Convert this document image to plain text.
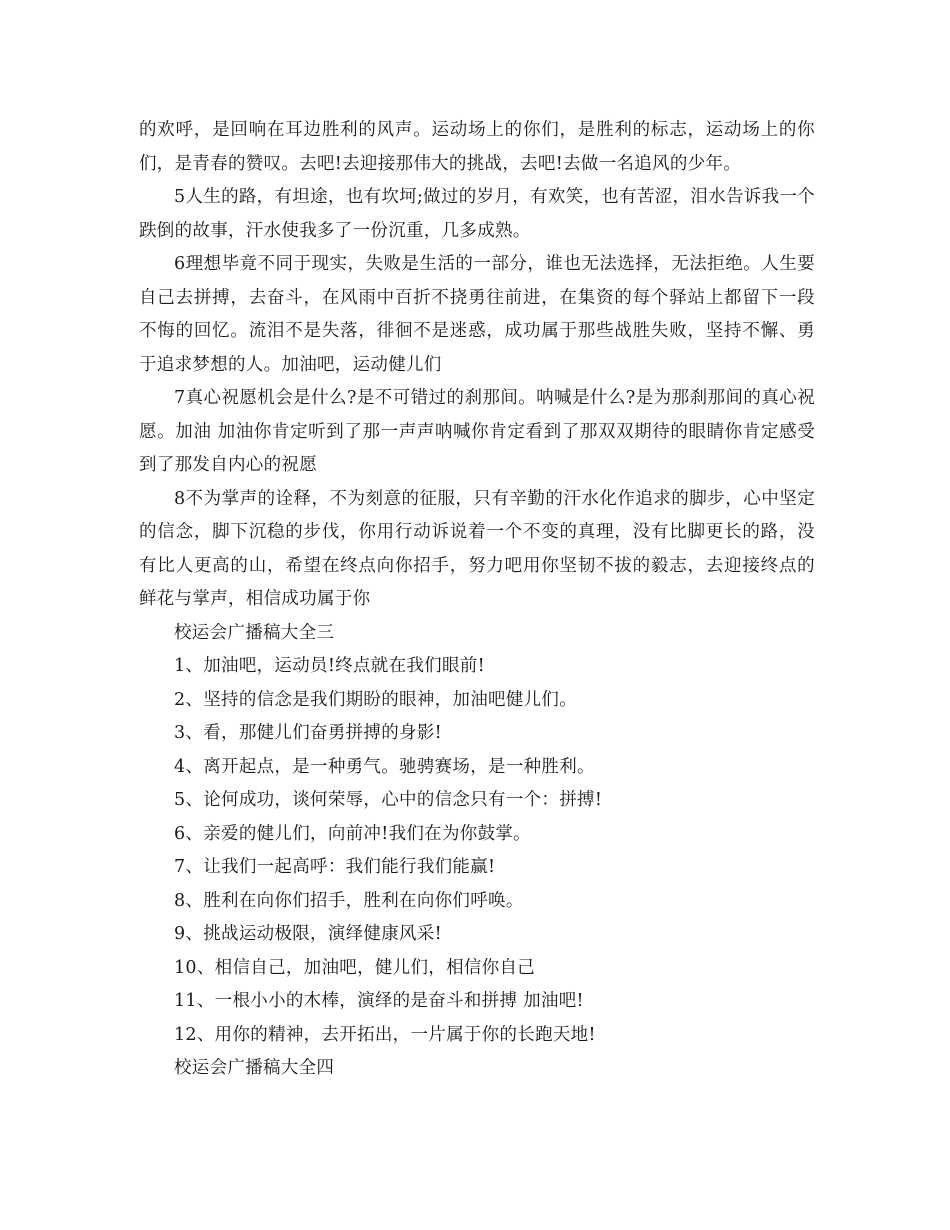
的欢呼，是回响在耳边胜利的风声。运动场上的你们，是胜利的标志，运动场上的你们，是青春的赞叹。去吧!去迎接那伟大的挑战，去吧!去做一名追风的少年。

5人生的路，有坦途，也有坎坷;做过的岁月，有欢笑，也有苦涩，泪水告诉我一个跌倒的故事，汗水使我多了一份沉重，几多成熟。

6理想毕竟不同于现实，失败是生活的一部分，谁也无法选择，无法拒绝。人生要自己去拼搏，去奋斗，在风雨中百折不挠勇往前进，在集资的每个驿站上都留下一段不悔的回忆。流泪不是失落，徘徊不是迷惑，成功属于那些战胜失败，坚持不懈、勇于追求梦想的人。加油吧，运动健儿们

7真心祝愿机会是什么?是不可错过的刹那间。呐喊是什么?是为那刹那间的真心祝愿。加油 加油你肯定听到了那一声声呐喊你肯定看到了那双双期待的眼睛你肯定感受到了那发自内心的祝愿

8不为掌声的诠释，不为刻意的征服，只有辛勤的汗水化作追求的脚步，心中坚定的信念，脚下沉稳的步伐，你用行动诉说着一个不变的真理，没有比脚更长的路，没有比人更高的山，希望在终点向你招手，努力吧用你坚韧不拔的毅志，去迎接终点的鲜花与掌声，相信成功属于你

校运会广播稿大全三
1、加油吧，运动员!终点就在我们眼前!
2、坚持的信念是我们期盼的眼神，加油吧健儿们。
3、看，那健儿们奋勇拼搏的身影!
4、离开起点，是一种勇气。驰骋赛场，是一种胜利。
5、论何成功，谈何荣辱，心中的信念只有一个：拼搏!
6、亲爱的健儿们，向前冲!我们在为你鼓掌。
7、让我们一起高呼：我们能行我们能赢!
8、胜利在向你们招手，胜利在向你们呼唤。
9、挑战运动极限，演绎健康风采!
10、相信自己，加油吧，健儿们，相信你自己
11、一根小小的木棒，演绎的是奋斗和拼搏 加油吧!
12、用你的精神，去开拓出，一片属于你的长跑天地!
校运会广播稿大全四
